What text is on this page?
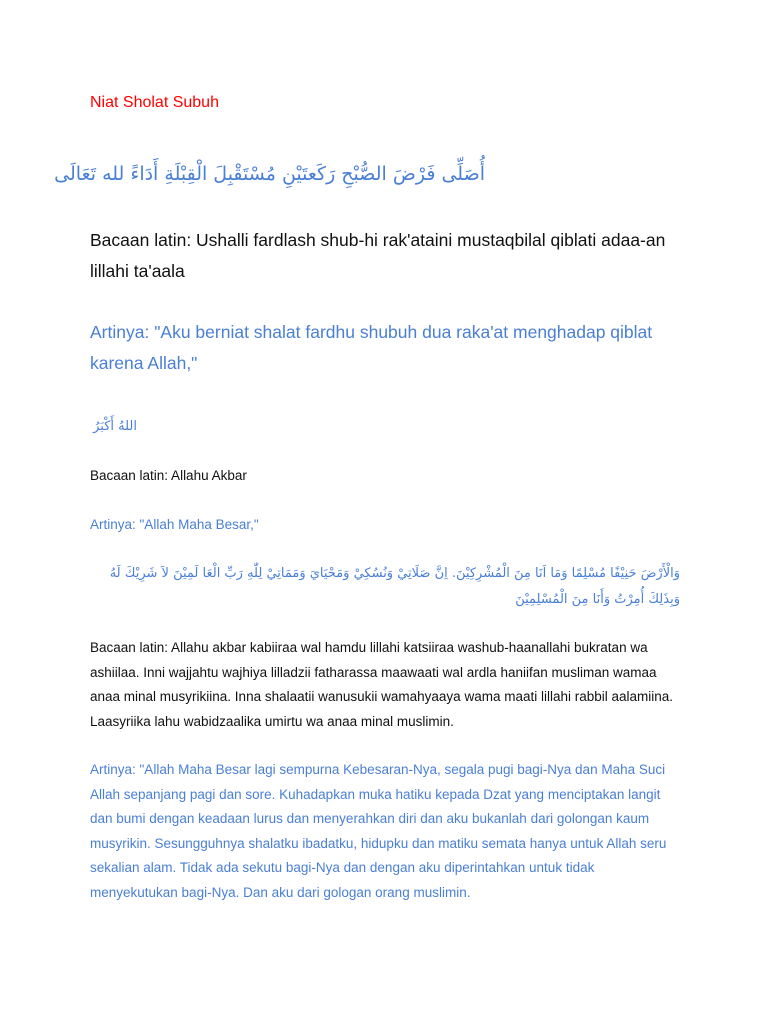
Niat Sholat Subuh

أُصَلِّى فَرْضَ الصُّبْحِ رَكَعتَيْنِ مُسْتَقْبِلَ الْقِبْلَةِ أَدَاءً لله تَعَالَى

Bacaan latin: Ushalli fardlash shub-hi rak'ataini mustaqbilal qiblati adaa-an lillahi ta'aala

Artinya: "Aku berniat shalat fardhu shubuh dua raka'at menghadap qiblat karena Allah,"

اللهُ أَكْبَرُ

Bacaan latin: Allahu Akbar

Artinya: "Allah Maha Besar,"

وَالْأَرْضَ حَنِيْفًا مُسْلِمًا وَمَا اَنَا مِنَ الْمُشْرِكِيْنَ. اِنَّ صَلَاتِيْ وَنُسُكِيْ وَمَحْيَايَ وَمَمَاتِيْ لِلّٰهِ رَبِّ الْعَا لَمِيْنَ لاَ شَرِيْكَ لَهُ وَبِذَلِكَ أُمِرْتُ وَأَنَا مِنَ الْمُسْلِمِيْنَ

Bacaan latin: Allahu akbar kabiiraa wal hamdu lillahi katsiiraa washub-haanallahi bukratan wa ashiilaa. Inni wajjahtu wajhiya lilladzii fatharassa maawaati wal ardla haniifan musliman wamaa anaa minal musyrikiina. Inna shalaatii wanusukii wamahyaaya wama maati lillahi rabbil aalamiina. Laasyriika lahu wabidzaalika umirtu wa anaa minal muslimin.

Artinya: "Allah Maha Besar lagi sempurna Kebesaran-Nya, segala pugi bagi-Nya dan Maha Suci Allah sepanjang pagi dan sore. Kuhadapkan muka hatiku kepada Dzat yang menciptakan langit dan bumi dengan keadaan lurus dan menyerahkan diri dan aku bukanlah dari golongan kaum musyrikin. Sesungguhnya shalatku ibadatku, hidupku dan matiku semata hanya untuk Allah seru sekalian alam. Tidak ada sekutu bagi-Nya dan dengan aku diperintahkan untuk tidak menyekutukan bagi-Nya. Dan aku dari gologan orang muslimin.
